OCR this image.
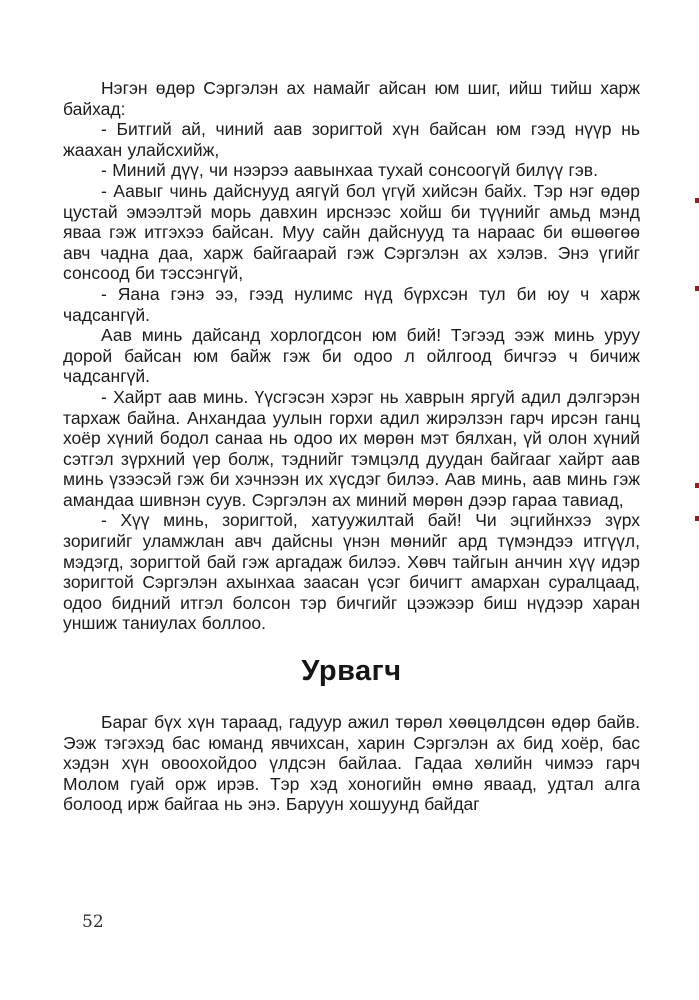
Нэгэн өдөр Сэргэлэн ах намайг айсан юм шиг, ийш тийш харж байхад:

- Битгий ай, чиний аав зоригтой хүн байсан юм гээд нүүр нь жаахан улайсхийж,

- Миний дүү, чи нээрээ аавынхаа тухай сонсоогүй билүү гэв.

- Аавыг чинь дайснууд аягүй бол үгүй хийсэн байх. Тэр нэг өдөр цустай эмээлтэй морь давхин ирснээс хойш би түүнийг амьд мэнд яваа гэж итгэхээ байсан. Муу сайн дайснууд та нараас би өшөөгөө авч чадна даа, харж байгаарай гэж Сэргэлэн ах хэлэв. Энэ үгийг сонсоод би тэссэнгүй,

- Яана гэнэ ээ, гээд нулимс нүд бүрхсэн тул би юу ч харж чадсангүй.

Аав минь дайсанд хорлогдсон юм бий! Тэгээд ээж минь уруу дорой байсан юм байж гэж би одоо л ойлгоод бичгээ ч бичиж чадсангүй.

- Хайрт аав минь. Үүсгэсэн хэрэг нь хаврын яргуй адил дэлгэрэн тархаж байна. Анхандаа уулын горхи адил жирэлзэн гарч ирсэн ганц хоёр хүний бодол санаа нь одоо их мөрөн мэт бялхан, үй олон хүний сэтгэл зүрхний үер болж, тэднийг тэмцэлд дуудан байгааг хайрт аав минь үзээсэй гэж би хэчнээн их хүсдэг билээ. Аав минь, аав минь гэж амандаа шивнэн суув. Сэргэлэн ах миний мөрөн дээр гараа тавиад,

- Хүү минь, зоригтой, хатуужилтай бай! Чи эцгийнхээ зүрх зоригийг уламжлан авч дайсны үнэн мөнийг ард түмэндээ итгүүл, мэдэгд, зоригтой бай гэж аргадаж билээ. Хөвч тайгын анчин хүү идэр зоригтой Сэргэлэн ахынхаа заасан үсэг бичигт амархан суралцаад, одоо бидний итгэл болсон тэр бичгийг цээжээр биш нүдээр харан уншиж таниулах боллоо.

Урвагч

Бараг бүх хүн тараад, гадуур ажил төрөл хөөцөлдсөн өдөр байв. Ээж тэгэхэд бас юманд явчихсан, харин Сэргэлэн ах бид хоёр, бас хэдэн хүн овоохойдоо үлдсэн байлаа. Гадаа хөлийн чимээ гарч Молом гуай орж ирэв. Тэр хэд хоногийн өмнө яваад, удтал алга болоод ирж байгаа нь энэ. Баруун хошуунд байдаг

52
